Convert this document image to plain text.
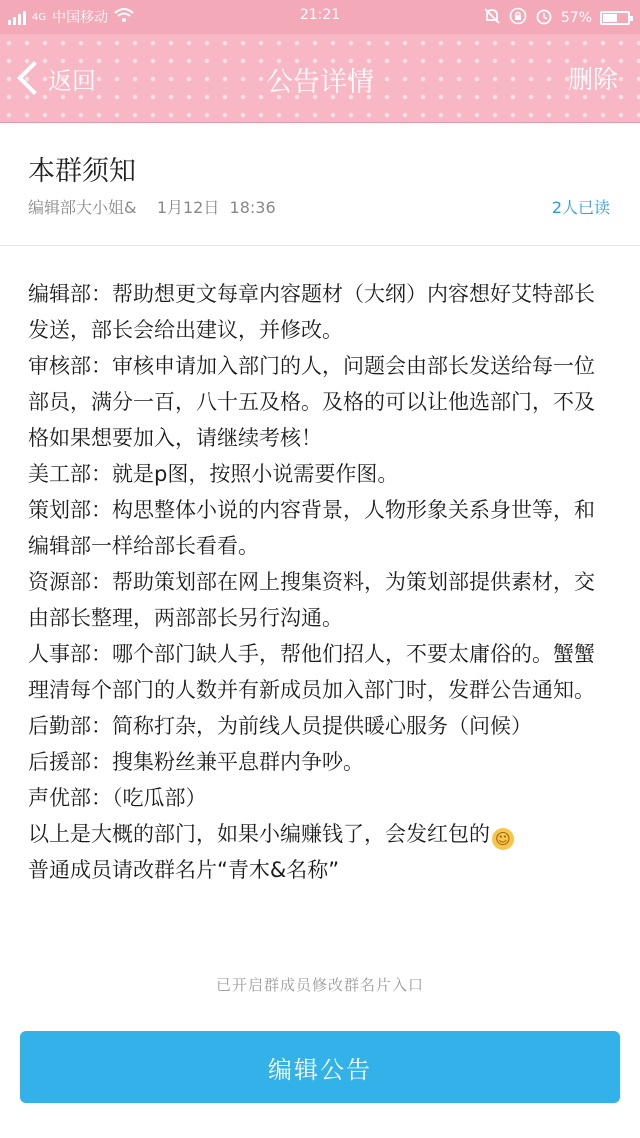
4G 中国移动	21:21	57%
返回	公告详情	删除
本群须知
编辑部大小姐&    1月12日  18:36	2人已读

编辑部：帮助想更文每章内容题材（大纲）内容想好艾特部长发送，部长会给出建议，并修改。

审核部：审核申请加入部门的人，问题会由部长发送给每一位部员，满分一百，八十五及格。及格的可以让他选部门，不及格如果想要加入，请继续考核！

美工部：就是p图，按照小说需要作图。

策划部：构思整体小说的内容背景，人物形象关系身世等，和编辑部一样给部长看看。

资源部：帮助策划部在网上搜集资料，为策划部提供素材，交由部长整理，两部部长另行沟通。

人事部：哪个部门缺人手，帮他们招人，不要太庸俗的。蟹蟹理清每个部门的人数并有新成员加入部门时，发群公告通知。

后勤部：简称打杂，为前线人员提供暖心服务（问候）

后援部：搜集粉丝兼平息群内争吵。

声优部：（吃瓜部）

以上是大概的部门，如果小编赚钱了，会发红包的 ☺

普通成员请改群名片“青木&名称”

已开启群成员修改群名片入口
编辑公告
